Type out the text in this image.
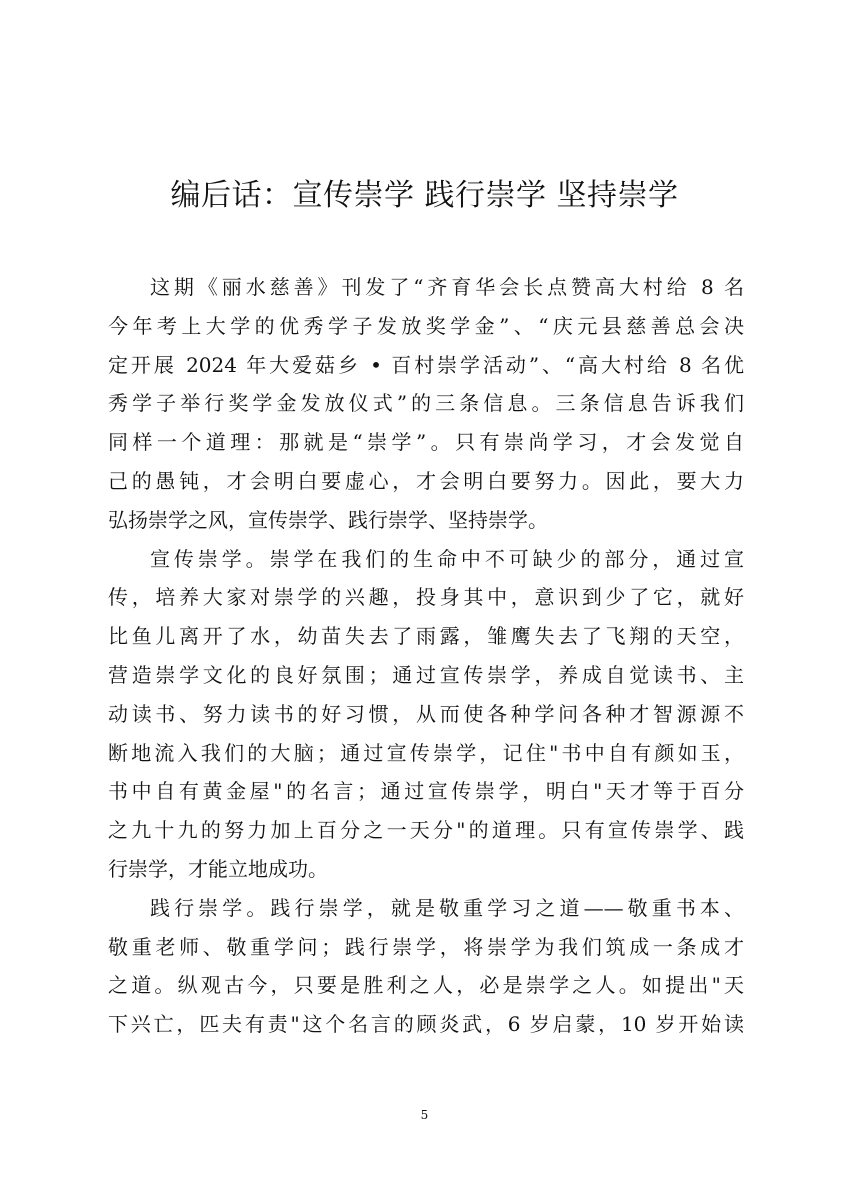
编后话：宣传崇学 践行崇学 坚持崇学

这期《丽水慈善》刊发了“齐育华会长点赞高大村给 8 名

今年考上大学的优秀学子发放奖学金”、“庆元县慈善总会决

定开展 2024 年大爱菇乡 • 百村崇学活动”、“高大村给 8 名优

秀学子举行奖学金发放仪式”的三条信息。三条信息告诉我们

同样一个道理：那就是“崇学”。只有崇尚学习，才会发觉自

己的愚钝，才会明白要虚心，才会明白要努力。因此，要大力

弘扬崇学之风，宣传崇学、践行崇学、坚持崇学。

宣传崇学。崇学在我们的生命中不可缺少的部分，通过宣

传，培养大家对崇学的兴趣，投身其中，意识到少了它，就好

比鱼儿离开了水，幼苗失去了雨露，雏鹰失去了飞翔的天空，

营造崇学文化的良好氛围；通过宣传崇学，养成自觉读书、主

动读书、努力读书的好习惯，从而使各种学问各种才智源源不

断地流入我们的大脑；通过宣传崇学，记住"书中自有颜如玉，

书中自有黄金屋"的名言；通过宣传崇学，明白"天才等于百分

之九十九的努力加上百分之一天分"的道理。只有宣传崇学、践

行崇学，才能立地成功。

践行崇学。践行崇学，就是敬重学习之道——敬重书本、

敬重老师、敬重学问；践行崇学，将崇学为我们筑成一条成才

之道。纵观古今，只要是胜利之人，必是崇学之人。如提出"天

下兴亡，匹夫有责"这个名言的顾炎武，6 岁启蒙，10 岁开始读

5
